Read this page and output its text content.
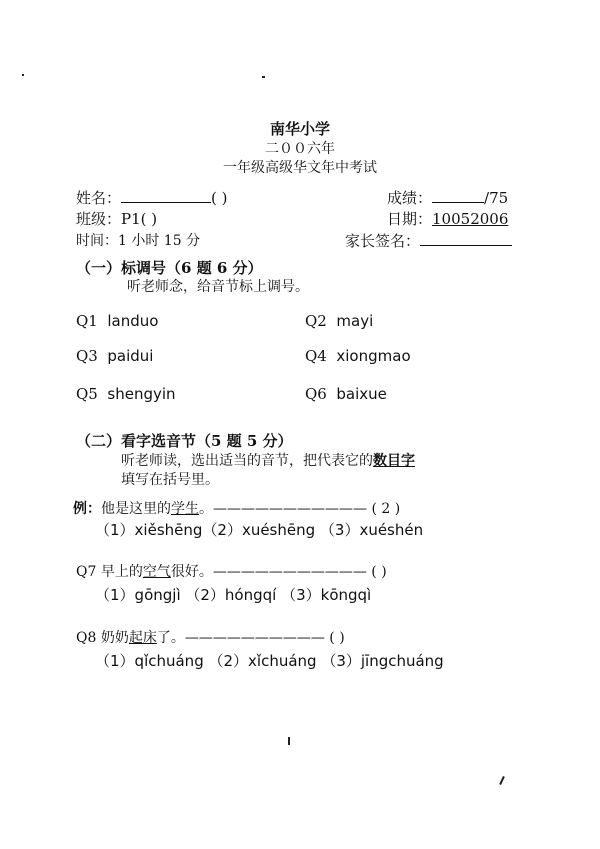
南华小学
二００六年
一年级高级华文年中考试
姓名：	( )	成绩：	/75
班级：P1( )	日期：10052006
时间：1 小时 15 分	家长签名：
（一）标调号（6 题 6 分）
听老师念，给音节标上调号。
Q1 landuo	Q2 mayi
Q3 paidui	Q4 xiongmao
Q5 shengyin	Q6 baixue
（二）看字选音节（5 题 5 分）
听老师读，选出适当的音节，把代表它的数目字
填写在括号里。
例：他是这里的学生。——————————— ( 2 )
（1）xiěshēng（2）xuéshēng （3）xuéshén
Q7 早上的空气很好。——————————— ( )
（1）gōngjì （2）hóngqí （3）kōngqì
Q8 奶奶起床了。—————————— ( )
（1）qǐchuáng （2）xǐchuáng （3）jīngchuáng
